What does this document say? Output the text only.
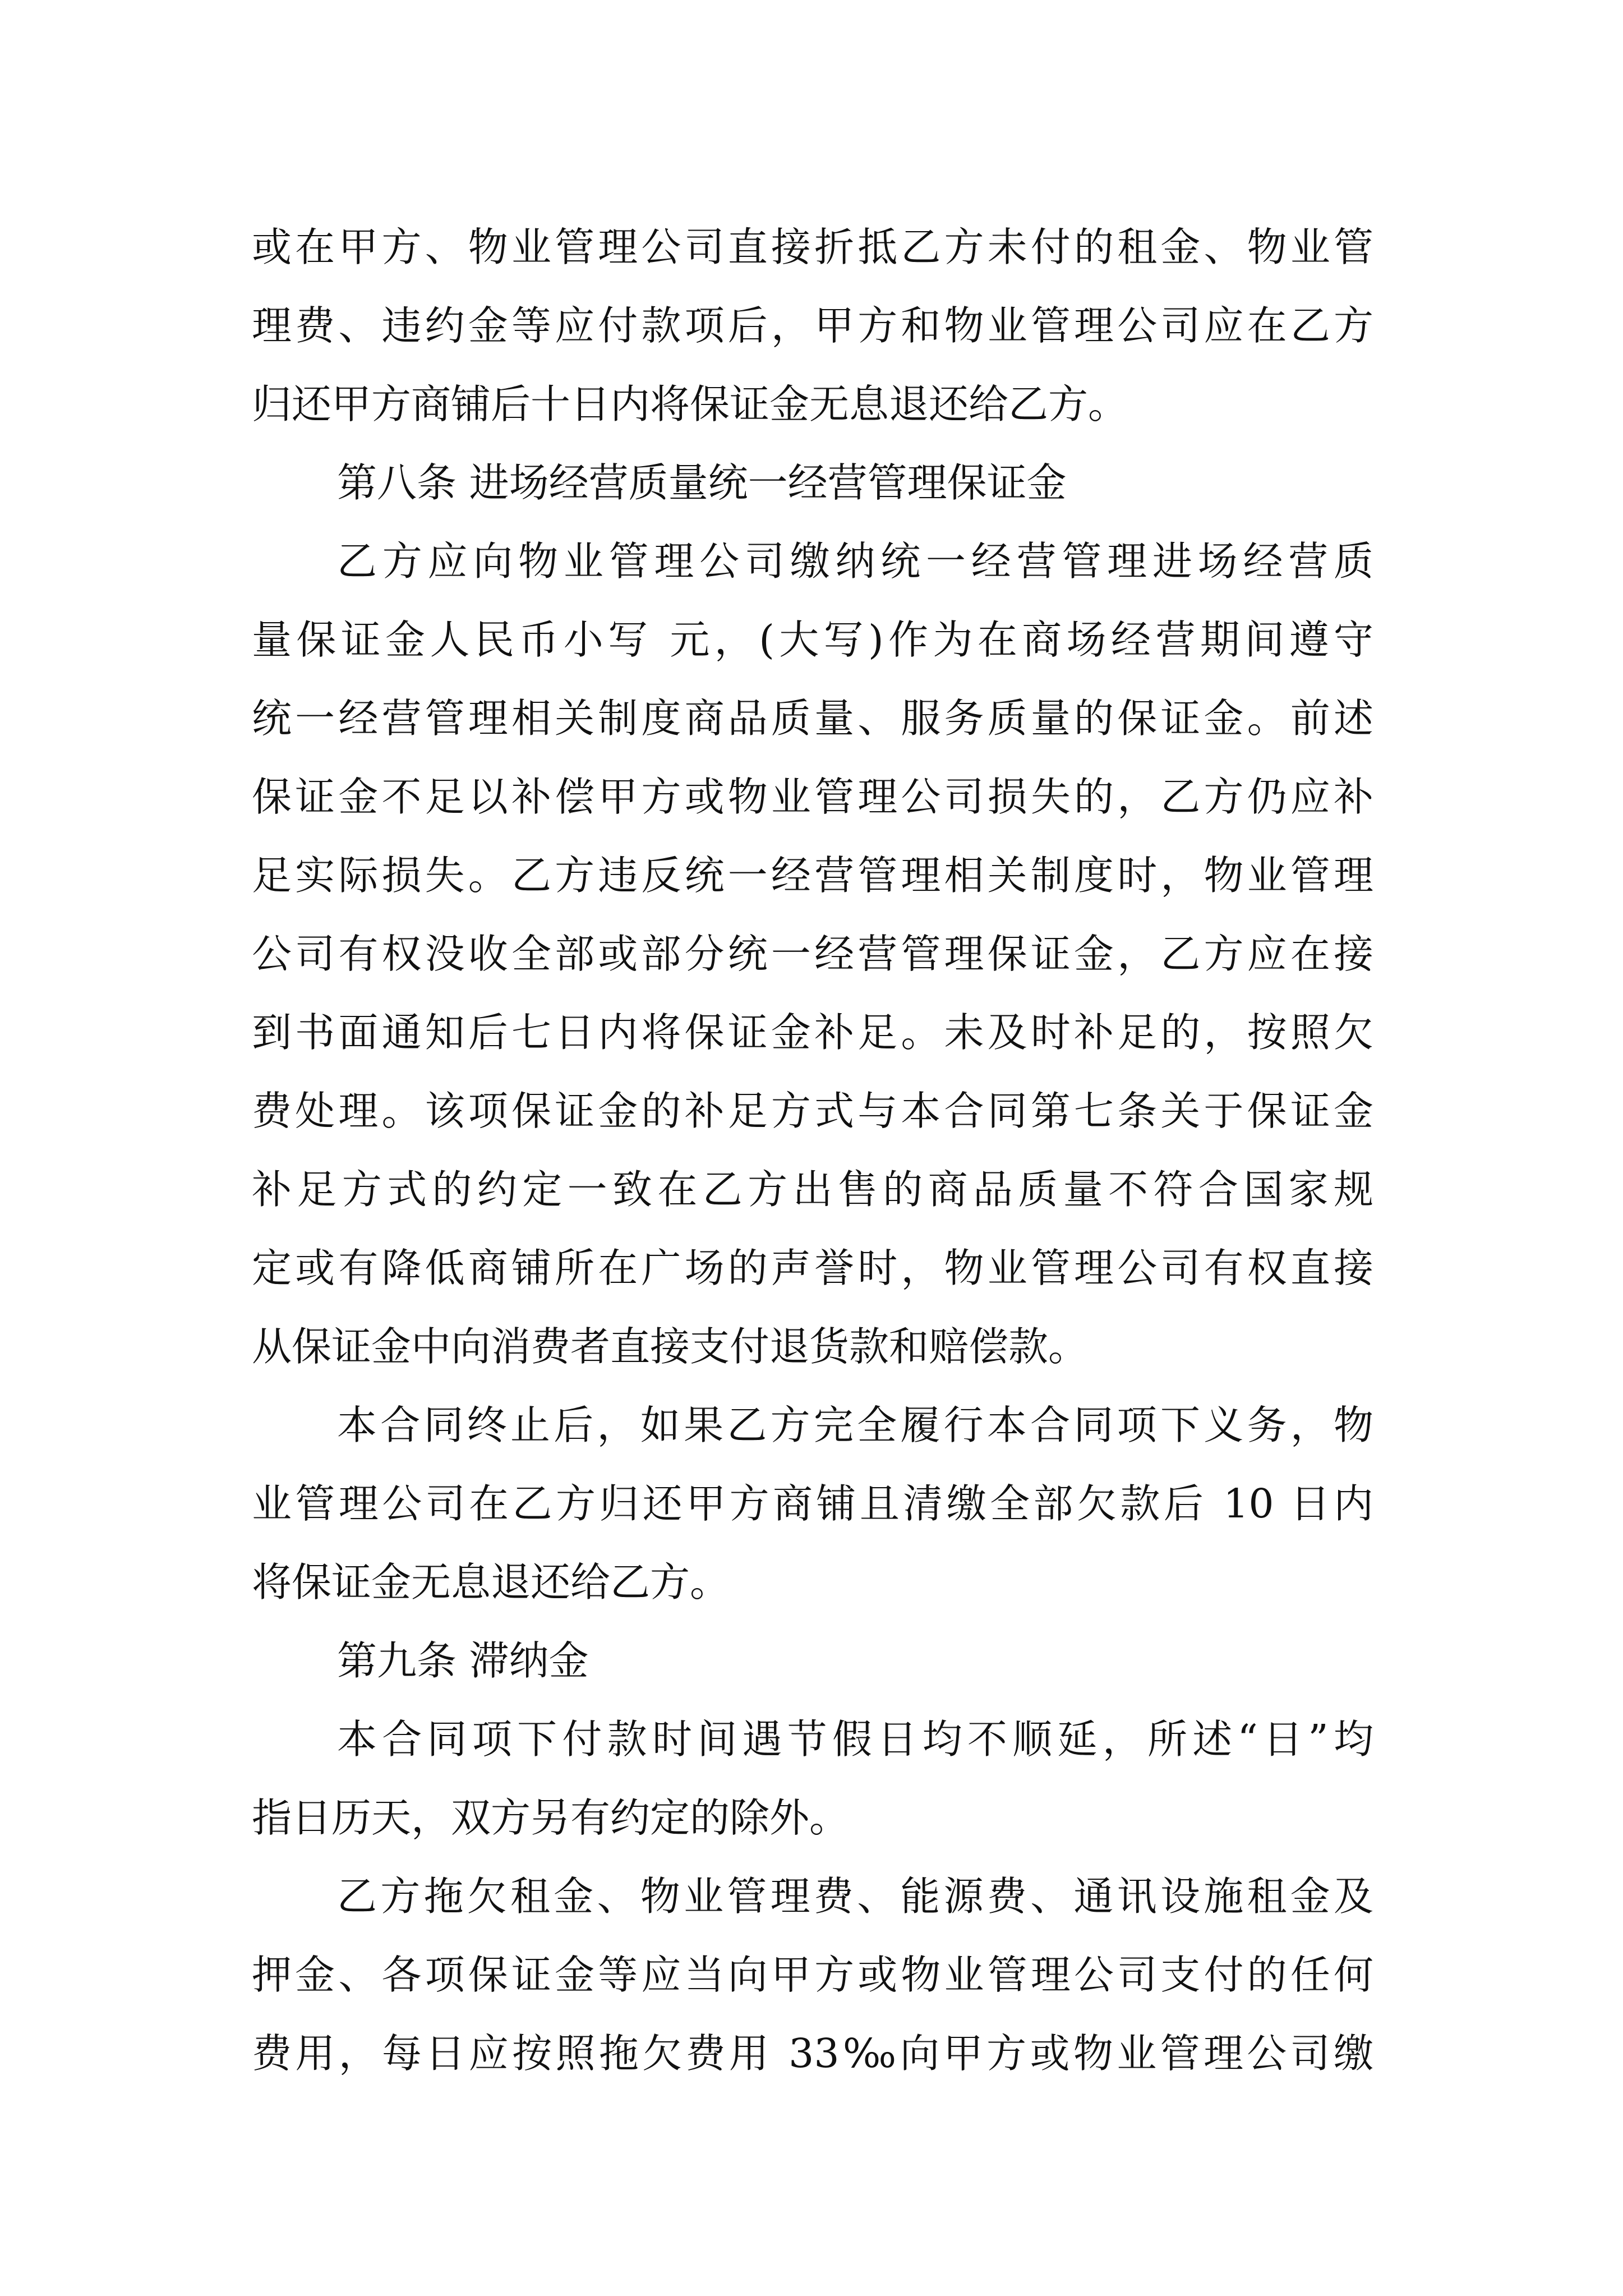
或在甲方、物业管理公司直接折抵乙方未付的租金、物业管
理费、违约金等应付款项后，甲方和物业管理公司应在乙方
归还甲方商铺后十日内将保证金无息退还给乙方。
第八条 进场经营质量统一经营管理保证金
乙方应向物业管理公司缴纳统一经营管理进场经营质
量保证金人民币小写 元，(大写)作为在商场经营期间遵守
统一经营管理相关制度商品质量、服务质量的保证金。前述
保证金不足以补偿甲方或物业管理公司损失的，乙方仍应补
足实际损失。乙方违反统一经营管理相关制度时，物业管理
公司有权没收全部或部分统一经营管理保证金，乙方应在接
到书面通知后七日内将保证金补足。未及时补足的，按照欠
费处理。该项保证金的补足方式与本合同第七条关于保证金
补足方式的约定一致在乙方出售的商品质量不符合国家规
定或有降低商铺所在广场的声誉时，物业管理公司有权直接
从保证金中向消费者直接支付退货款和赔偿款。
本合同终止后，如果乙方完全履行本合同项下义务，物
业管理公司在乙方归还甲方商铺且清缴全部欠款后 10 日内
将保证金无息退还给乙方。
第九条 滞纳金
本合同项下付款时间遇节假日均不顺延，所述“日”均
指日历天，双方另有约定的除外。
乙方拖欠租金、物业管理费、能源费、通讯设施租金及
押金、各项保证金等应当向甲方或物业管理公司支付的任何
费用，每日应按照拖欠费用 33‰向甲方或物业管理公司缴
